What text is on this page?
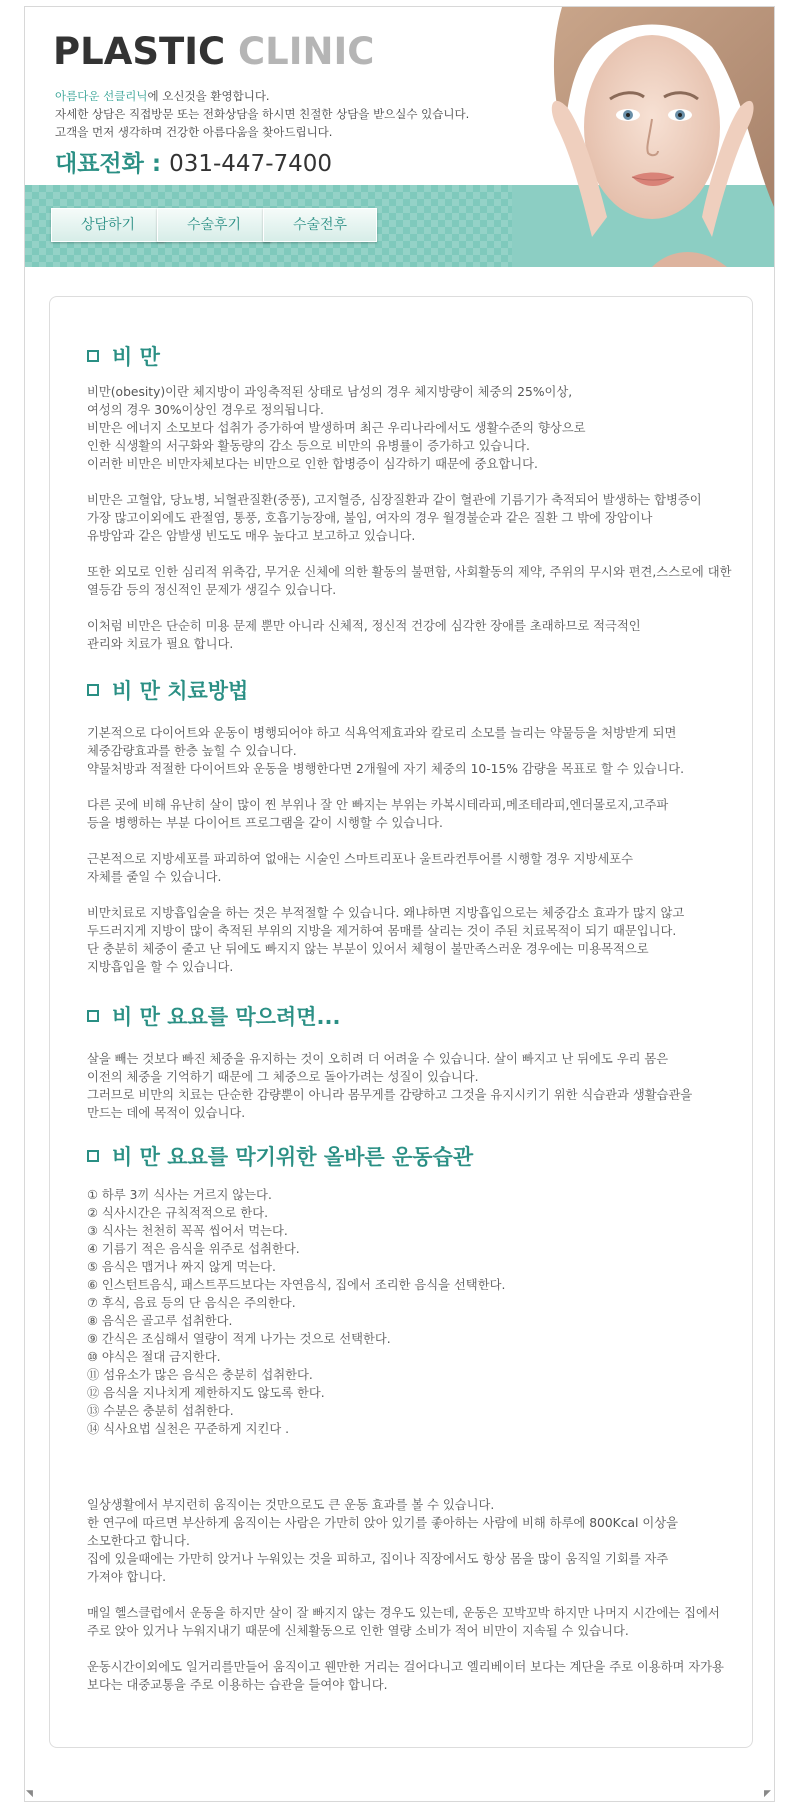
◥	◤
PLASTIC CLINIC
아름다운 선클리닉에 오신것을 환영합니다.
자세한 상담은 직접방문 또는 전화상담을 하시면 친절한 상담을 받으실수 있습니다.
고객을 먼저 생각하며 건강한 아름다움을 찾아드립니다.
대표전화 : 031-447-7400
상담하기	수술후기	수술전후
비 만

비만(obesity)이란 체지방이 과잉축적된 상태로 남성의 경우 체지방량이 체중의 25%이상,
여성의 경우 30%이상인 경우로 정의됩니다.
비만은 에너지 소모보다 섭취가 증가하여 발생하며 최근 우리나라에서도 생활수준의 향상으로
인한 식생활의 서구화와 활동량의 감소 등으로 비만의 유병률이 증가하고 있습니다.
이러한 비만은 비만자체보다는 비만으로 인한 합병증이 심각하기 때문에 중요합니다.

비만은 고혈압, 당뇨병, 뇌혈관질환(중풍), 고지혈증, 심장질환과 같이 혈관에 기름기가 축적되어 발생하는 합병증이
가장 많고이외에도 관절염, 통풍, 호흡기능장애, 불임, 여자의 경우 월경불순과 같은 질환 그 밖에 장암이나
유방암과 같은 암발생 빈도도 매우 높다고 보고하고 있습니다.

또한 외모로 인한 심리적 위축감, 무거운 신체에 의한 활동의 불편함, 사회활동의 제약, 주위의 무시와 편견,스스로에 대한
열등감 등의 정신적인 문제가 생길수 있습니다.

이처럼 비만은 단순히 미용 문제 뿐만 아니라 신체적, 정신적 건강에 심각한 장애를 초래하므로 적극적인
관리와 치료가 필요 합니다.

비 만 치료방법

기본적으로 다이어트와 운동이 병행되어야 하고 식욕억제효과와 칼로리 소모를 늘리는 약물등을 처방받게 되면
체중감량효과를 한층 높힐 수 있습니다.
약물처방과 적절한 다이어트와 운동을 병행한다면 2개월에 자기 체중의 10-15% 감량을 목표로 할 수 있습니다.

다른 곳에 비해 유난히 살이 많이 찐 부위나 잘 안 빠지는 부위는 카복시테라피,메조테라피,엔더몰로지,고주파
등을 병행하는 부분 다이어트 프로그램을 같이 시행할 수 있습니다.

근본적으로 지방세포를 파괴하여 없애는 시술인 스마트리포나 울트라컨투어를 시행할 경우 지방세포수
자체를 줄일 수 있습니다.

비만치료로 지방흡입술을 하는 것은 부적절할 수 있습니다. 왜냐하면 지방흡입으로는 체중감소 효과가 많지 않고
두드러지게 지방이 많이 축적된 부위의 지방을 제거하여 몸매를 살리는 것이 주된 치료목적이 되기 때문입니다.
단 충분히 체중이 줄고 난 뒤에도 빠지지 않는 부분이 있어서 체형이 불만족스러운 경우에는 미용목적으로
지방흡입을 할 수 있습니다.

비 만 요요를 막으려면...

살을 빼는 것보다 빠진 체중을 유지하는 것이 오히려 더 어려울 수 있습니다. 살이 빠지고 난 뒤에도 우리 몸은
이전의 체중을 기억하기 때문에 그 체중으로 돌아가려는 성질이 있습니다.
그러므로 비만의 치료는 단순한 감량뿐이 아니라 몸무게를 감량하고 그것을 유지시키기 위한 식습관과 생활습관을
만드는 데에 목적이 있습니다.

비 만 요요를 막기위한 올바른 운동습관
① 하루 3끼 식사는 거르지 않는다.
② 식사시간은 규칙적적으로 한다.
③ 식사는 천천히 꼭꼭 씹어서 먹는다.
④ 기름기 적은 음식을 위주로 섭취한다.
⑤ 음식은 맵거나 짜지 않게 먹는다.
⑥ 인스턴트음식, 패스트푸드보다는 자연음식, 집에서 조리한 음식을 선택한다.
⑦ 후식, 음료 등의 단 음식은 주의한다.
⑧ 음식은 골고루 섭취한다.
⑨ 간식은 조심해서 열량이 적게 나가는 것으로 선택한다.
⑩ 야식은 절대 금지한다.
⑪ 섬유소가 많은 음식은 충분히 섭취한다.
⑫ 음식을 지나치게 제한하지도 않도록 한다.
⑬ 수분은 충분히 섭취한다.
⑭ 식사요법 실천은 꾸준하게 지킨다 .

일상생활에서 부지런히 움직이는 것만으로도 큰 운동 효과를 볼 수 있습니다.
한 연구에 따르면 부산하게 움직이는 사람은 가만히 앉아 있기를 좋아하는 사람에 비해 하루에 800Kcal 이상을
소모한다고 합니다.
집에 있을때에는 가만히 앉거나 누워있는 것을 피하고, 집이나 직장에서도 항상 몸을 많이 움직일 기회를 자주
가져야 합니다.

매일 헬스클럽에서 운동을 하지만 살이 잘 빠지지 않는 경우도 있는데, 운동은 꼬박꼬박 하지만 나머지 시간에는 집에서
주로 앉아 있거나 누워지내기 때문에 신체활동으로 인한 열량 소비가 적어 비만이 지속될 수 있습니다.

운동시간이외에도 일거리를만들어 움직이고 웬만한 거리는 걸어다니고 엘리베이터 보다는 계단을 주로 이용하며 자가용
보다는 대중교통을 주로 이용하는 습관을 들여야 합니다.
